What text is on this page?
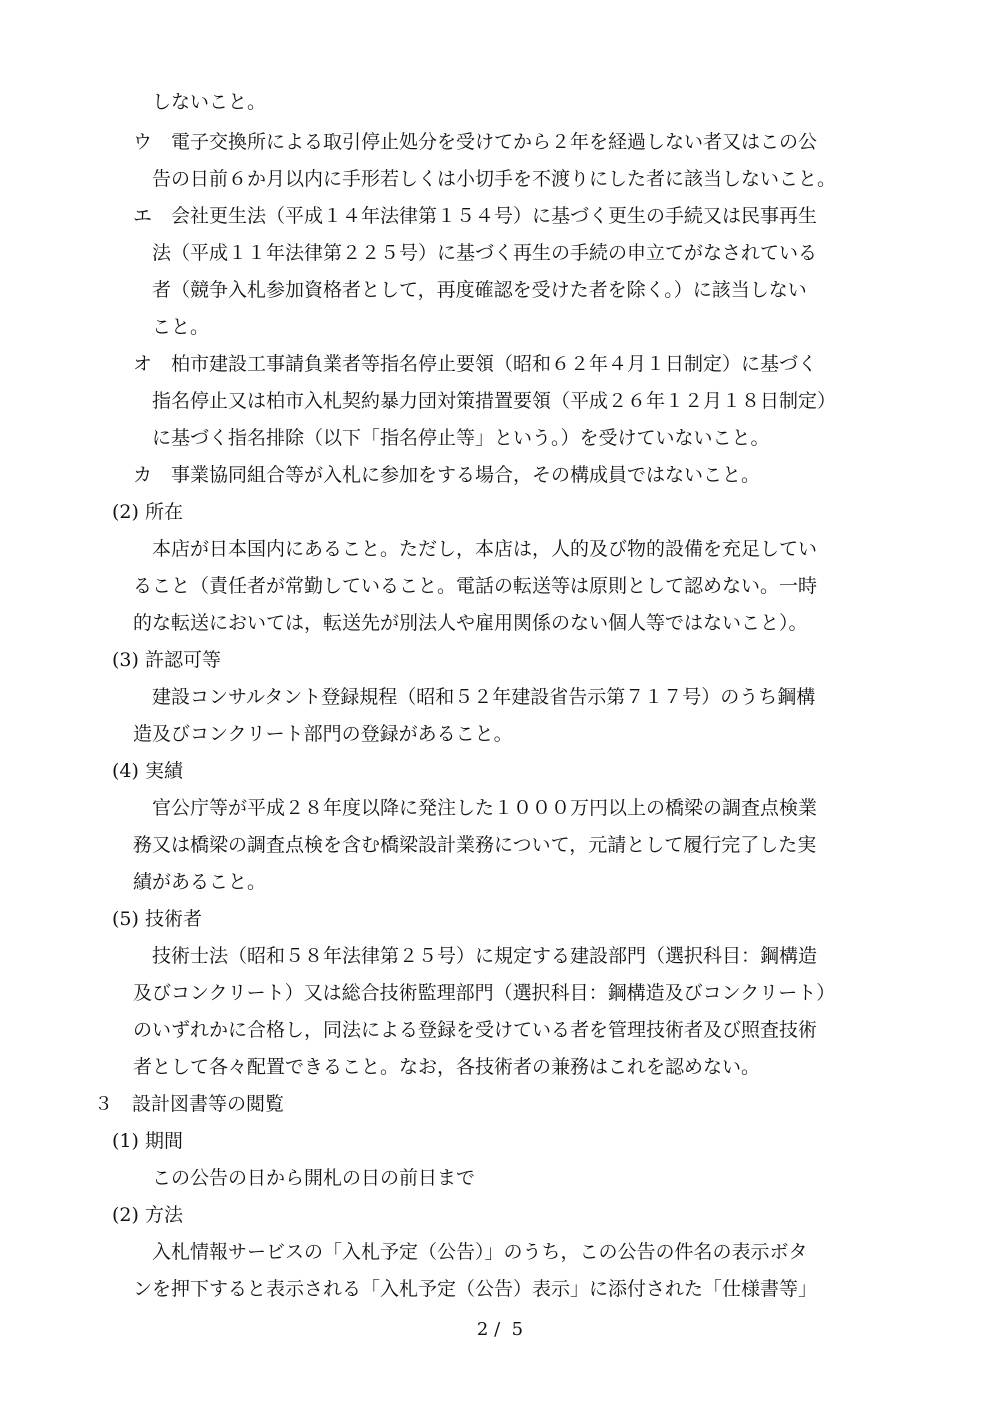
しないこと。
ウ　電子交換所による取引停止処分を受けてから２年を経過しない者又はこの公
告の日前６か月以内に手形若しくは小切手を不渡りにした者に該当しないこと。
エ　会社更生法（平成１４年法律第１５４号）に基づく更生の手続又は民事再生
法（平成１１年法律第２２５号）に基づく再生の手続の申立てがなされている
者（競争入札参加資格者として，再度確認を受けた者を除く。）に該当しない
こと。
オ　柏市建設工事請負業者等指名停止要領（昭和６２年４月１日制定）に基づく
指名停止又は柏市入札契約暴力団対策措置要領（平成２６年１２月１８日制定）
に基づく指名排除（以下「指名停止等」という。）を受けていないこと。
カ　事業協同組合等が入札に参加をする場合，その構成員ではないこと。
(2) 所在
本店が日本国内にあること。ただし，本店は，人的及び物的設備を充足してい
ること（責任者が常勤していること。電話の転送等は原則として認めない。一時
的な転送においては，転送先が別法人や雇用関係のない個人等ではないこと）。
(3) 許認可等
建設コンサルタント登録規程（昭和５２年建設省告示第７１７号）のうち鋼構
造及びコンクリート部門の登録があること。
(4) 実績
官公庁等が平成２８年度以降に発注した１０００万円以上の橋梁の調査点検業
務又は橋梁の調査点検を含む橋梁設計業務について，元請として履行完了した実
績があること。
(5) 技術者
技術士法（昭和５８年法律第２５号）に規定する建設部門（選択科目：鋼構造
及びコンクリート）又は総合技術監理部門（選択科目：鋼構造及びコンクリート）
のいずれかに合格し，同法による登録を受けている者を管理技術者及び照査技術
者として各々配置できること。なお，各技術者の兼務はこれを認めない。
３　設計図書等の閲覧
(1) 期間
この公告の日から開札の日の前日まで
(2) 方法
入札情報サービスの「入札予定（公告）」のうち，この公告の件名の表示ボタ
ンを押下すると表示される「入札予定（公告）表示」に添付された「仕様書等」
2 /  5
